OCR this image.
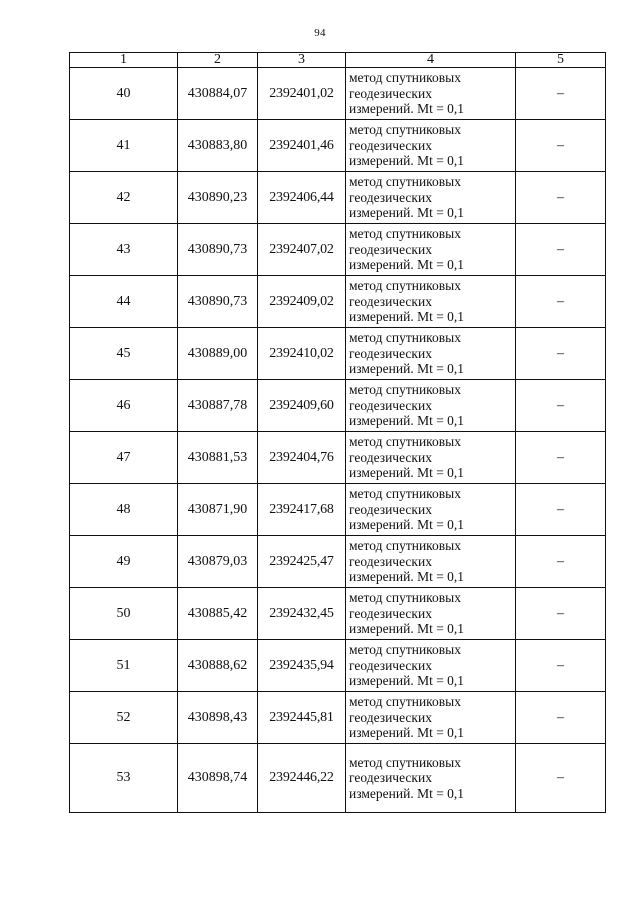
94
1	2	3	4	5
40	430884,07	2392401,02	метод спутниковых
геодезических
измерений. Mt = 0,1	–
41	430883,80	2392401,46	метод спутниковых
геодезических
измерений. Mt = 0,1	–
42	430890,23	2392406,44	метод спутниковых
геодезических
измерений. Mt = 0,1	–
43	430890,73	2392407,02	метод спутниковых
геодезических
измерений. Mt = 0,1	–
44	430890,73	2392409,02	метод спутниковых
геодезических
измерений. Mt = 0,1	–
45	430889,00	2392410,02	метод спутниковых
геодезических
измерений. Mt = 0,1	–
46	430887,78	2392409,60	метод спутниковых
геодезических
измерений. Mt = 0,1	–
47	430881,53	2392404,76	метод спутниковых
геодезических
измерений. Mt = 0,1	–
48	430871,90	2392417,68	метод спутниковых
геодезических
измерений. Mt = 0,1	–
49	430879,03	2392425,47	метод спутниковых
геодезических
измерений. Mt = 0,1	–
50	430885,42	2392432,45	метод спутниковых
геодезических
измерений. Mt = 0,1	–
51	430888,62	2392435,94	метод спутниковых
геодезических
измерений. Mt = 0,1	–
52	430898,43	2392445,81	метод спутниковых
геодезических
измерений. Mt = 0,1	–
53	430898,74	2392446,22	метод спутниковых
геодезических
измерений. Mt = 0,1	–
